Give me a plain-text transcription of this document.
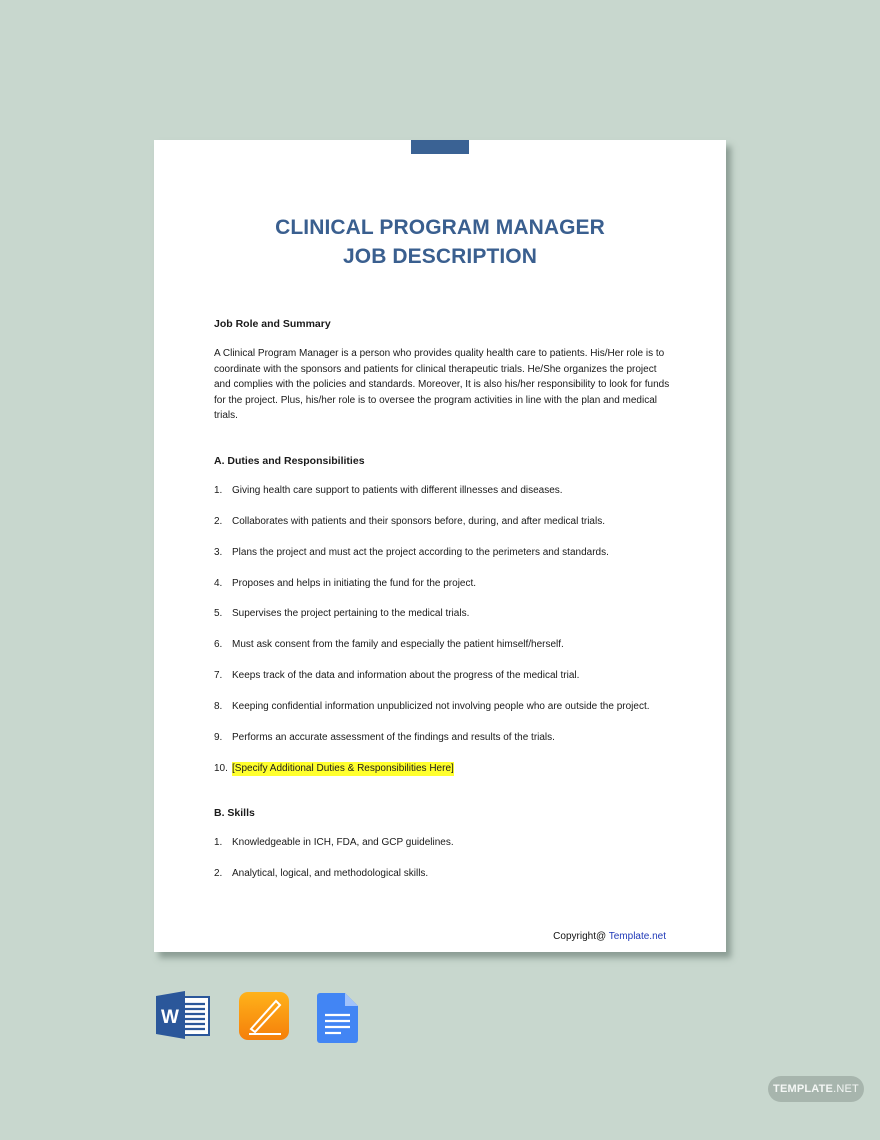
CLINICAL PROGRAM MANAGER
JOB DESCRIPTION

Job Role and Summary

A Clinical Program Manager is a person who provides quality health care to patients. His/Her role is to coordinate with the sponsors and patients for clinical therapeutic trials. He/She organizes the project and complies with the policies and standards. Moreover, It is also his/her responsibility to look for funds for the project. Plus, his/her role is to oversee the program activities in line with the plan and medical trials.

A. Duties and Responsibilities

1. Giving health care support to patients with different illnesses and diseases.
2. Collaborates with patients and their sponsors before, during, and after medical trials.
3. Plans the project and must act the project according to the perimeters and standards.
4. Proposes and helps in initiating the fund for the project.
5. Supervises the project pertaining to the medical trials.
6. Must ask consent from the family and especially the patient himself/herself.
7. Keeps track of the data and information about the progress of the medical trial.
8. Keeping confidential information unpublicized not involving people who are outside the project.
9. Performs an accurate assessment of the findings and results of the trials.
10. [Specify Additional Duties & Responsibilities Here]

B. Skills

1. Knowledgeable in ICH, FDA, and GCP guidelines.
2. Analytical, logical, and methodological skills.
Copyright@ Template.net
W
TEMPLATE.NET
